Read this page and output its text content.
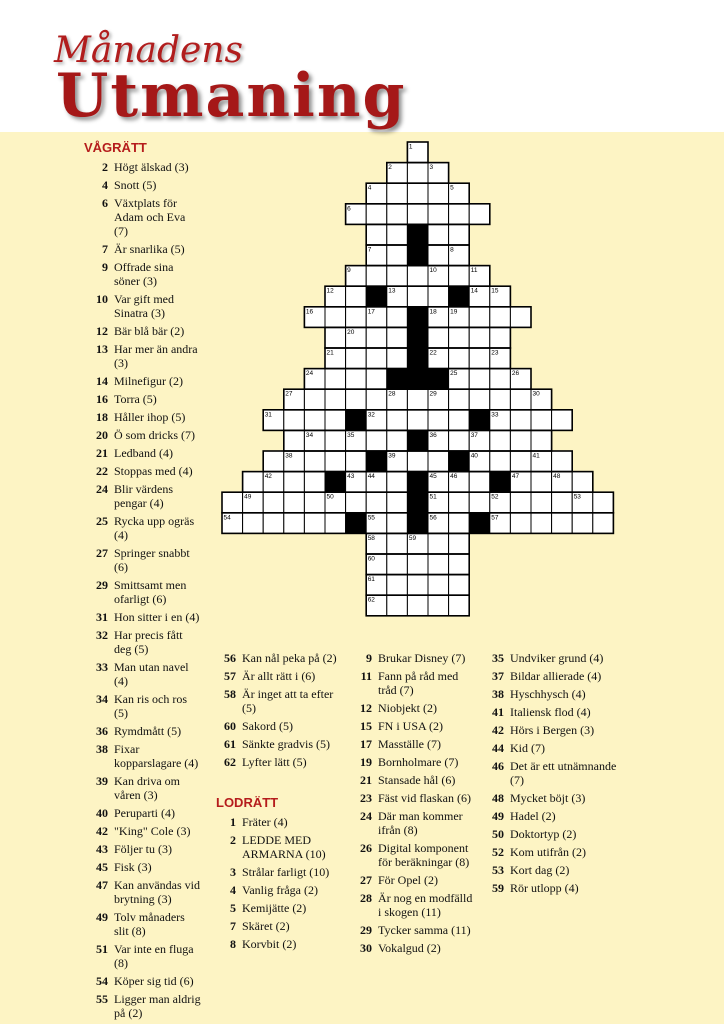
Månadens
Utmaning
VÅGRÄTT
LODRÄTT
2 Högt älskad (3)
4 Snott (5)
6 Växtplats för Adam och Eva (7)
7 Är snarlika (5)
9 Offrade sina söner (3)
10 Var gift med Sinatra (3)
12 Bär blå bär (2)
13 Har mer än andra (3)
14 Milnefigur (2)
16 Torra (5)
18 Håller ihop (5)
20 Ö som dricks (7)
21 Ledband (4)
22 Stoppas med (4)
24 Blir värdens pengar (4)
25 Rycka upp ogräs (4)
27 Springer snabbt (6)
29 Smittsamt men ofarligt (6)
31 Hon sitter i en (4)
32 Har precis fått deg (5)
33 Man utan navel (4)
34 Kan ris och ros (5)
36 Rymdmått (5)
38 Fixar kopparslagare (4)
39 Kan driva om våren (3)
40 Peruparti (4)
42 "King" Cole (3)
43 Följer tu (3)
45 Fisk (3)
47 Kan användas vid brytning (3)
49 Tolv månaders slit (8)
51 Var inte en fluga (8)
54 Köper sig tid (6)
55 Ligger man aldrig på (2)
56 Kan nål peka på (2)
57 Är allt rätt i (6)
58 Är inget att ta efter (5)
60 Sakord (5)
61 Sänkte gradvis (5)
62 Lyfter lätt (5)
1 Fräter (4)
2 LEDDE MED ARMARNA (10)
3 Strålar farligt (10)
4 Vanlig fråga (2)
5 Kemijätte (2)
7 Skäret (2)
8 Korvbit (2)
9 Brukar Disney (7)
11 Fann på råd med tråd (7)
12 Niobjekt (2)
15 FN i USA (2)
17 Masställe (7)
19 Bornholmare (7)
21 Stansade hål (6)
23 Fäst vid flaskan (6)
24 Där man kommer ifrån (8)
26 Digital komponent för beräkningar (8)
27 För Opel (2)
28 Är nog en modfälld i skogen (11)
29 Tycker samma (11)
30 Vokalgud (2)
35 Undviker grund (4)
37 Bildar allierade (4)
38 Hyschhysch (4)
41 Italiensk flod (4)
42 Hörs i Bergen (3)
44 Kid (7)
46 Det är ett utnämnande (7)
48 Mycket böjt (3)
49 Hadel (2)
50 Doktortyp (2)
52 Kom utifrån (2)
53 Kort dag (2)
59 Rör utlopp (4)
1
2	3
4	5
6
7	8
9	10	11
12	13	14 15
16	17	18 19
20
21	22	23
24	25	26
27	28	29	30
31	32	33
34	35	36	37
38	39	40	41
42	43 44	45 46	47	48
49	50	51	52	53
54	55	56	57
58	59
60
61
62
